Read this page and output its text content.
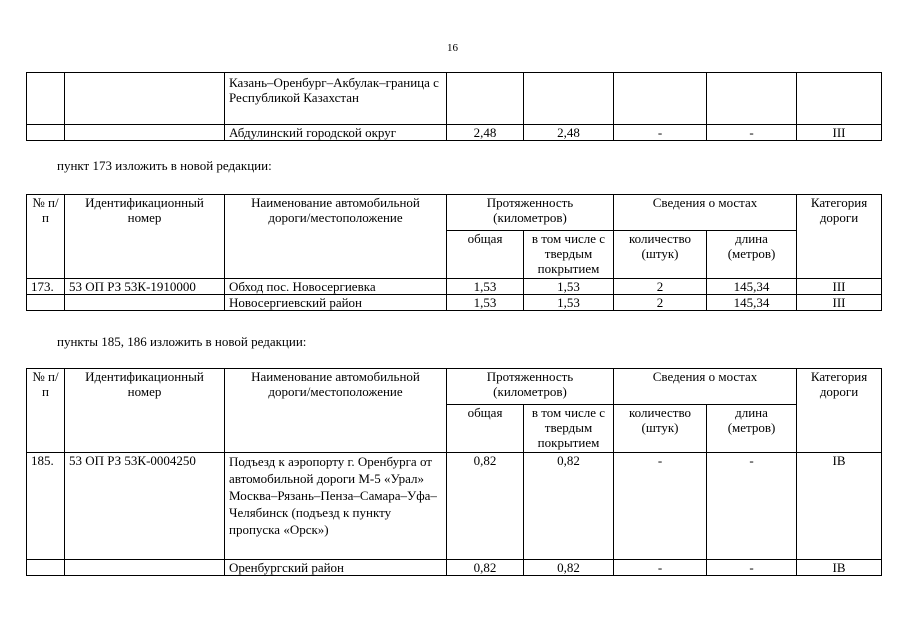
16
		Казань–Оренбург–Акбулак–граница с Республикой Казахстан					
		Абдулинский городской округ	2,48	2,48	-	-	III
пункт 173 изложить в новой редакции:
№ п/п	Идентификационный номер	Наименование автомобильной дороги/местоположение	Протяженность (километров)		Сведения о мостах		Категория дороги
			общая	в том числе с твердым покрытием	количество (штук)	длина (метров)	
173.	53 ОП РЗ 53К-1910000	Обход пос. Новосергиевка	1,53	1,53	2	145,34	III
		Новосергиевский район	1,53	1,53	2	145,34	III
пункты 185, 186 изложить в новой редакции:
№ п/п	Идентификационный номер	Наименование автомобильной дороги/местоположение	Протяженность (километров)		Сведения о мостах		Категория дороги
			общая	в том числе с твердым покрытием	количество (штук)	длина (метров)	
185.	53 ОП РЗ 53К-0004250	Подъезд к аэропорту г. Оренбурга от автомобильной дороги М-5 «Урал» Москва–Рязань–Пенза–Самара–Уфа–Челябинск (подъезд к пункту пропуска «Орск»)	0,82	0,82	-	-	IB
		Оренбургский район	0,82	0,82	-	-	IB
